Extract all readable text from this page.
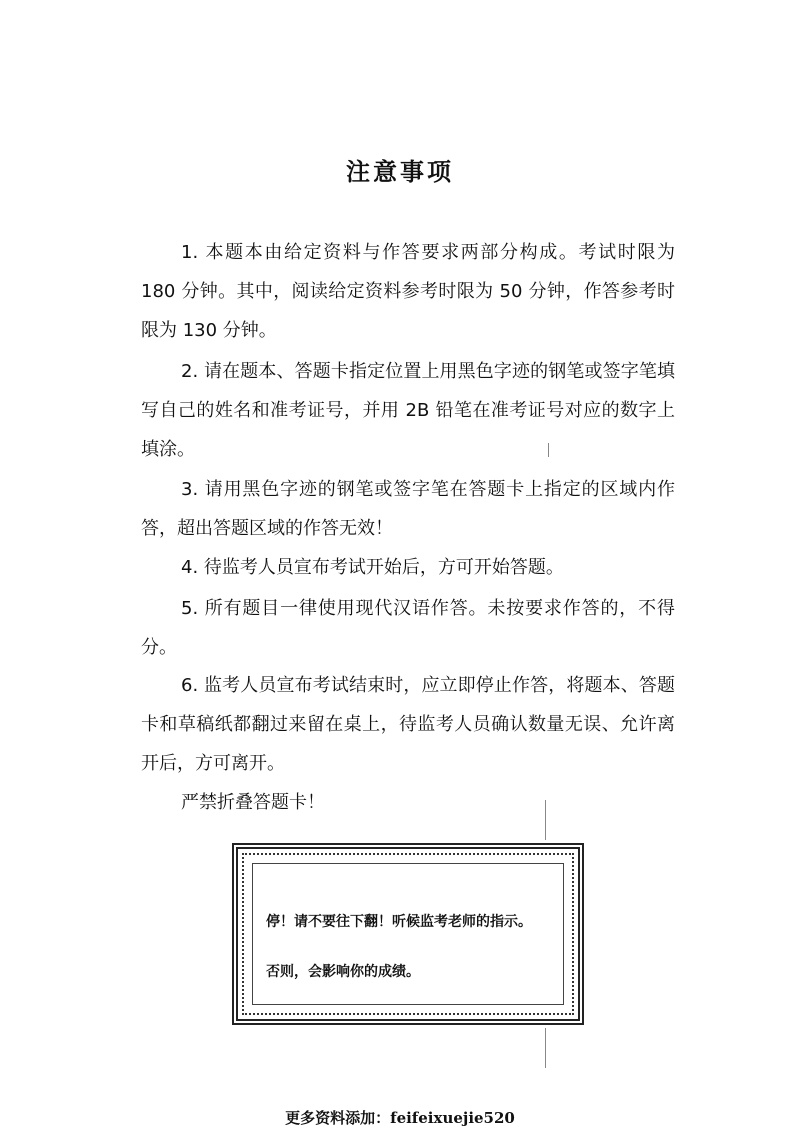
注意事项

1. 本题本由给定资料与作答要求两部分构成。考试时限为 180 分钟。其中，阅读给定资料参考时限为 50 分钟，作答参考时限为 130 分钟。

2. 请在题本、答题卡指定位置上用黑色字迹的钢笔或签字笔填写自己的姓名和准考证号，并用 2B 铅笔在准考证号对应的数字上填涂。

3. 请用黑色字迹的钢笔或签字笔在答题卡上指定的区域内作答，超出答题区域的作答无效！

4. 待监考人员宣布考试开始后，方可开始答题。

5. 所有题目一律使用现代汉语作答。未按要求作答的，不得分。

6. 监考人员宣布考试结束时，应立即停止作答，将题本、答题卡和草稿纸都翻过来留在桌上，待监考人员确认数量无误、允许离开后，方可离开。

严禁折叠答题卡！

停！请不要往下翻！听候监考老师的指示。
否则，会影响你的成绩。
更多资料添加：feifeixuejie520
